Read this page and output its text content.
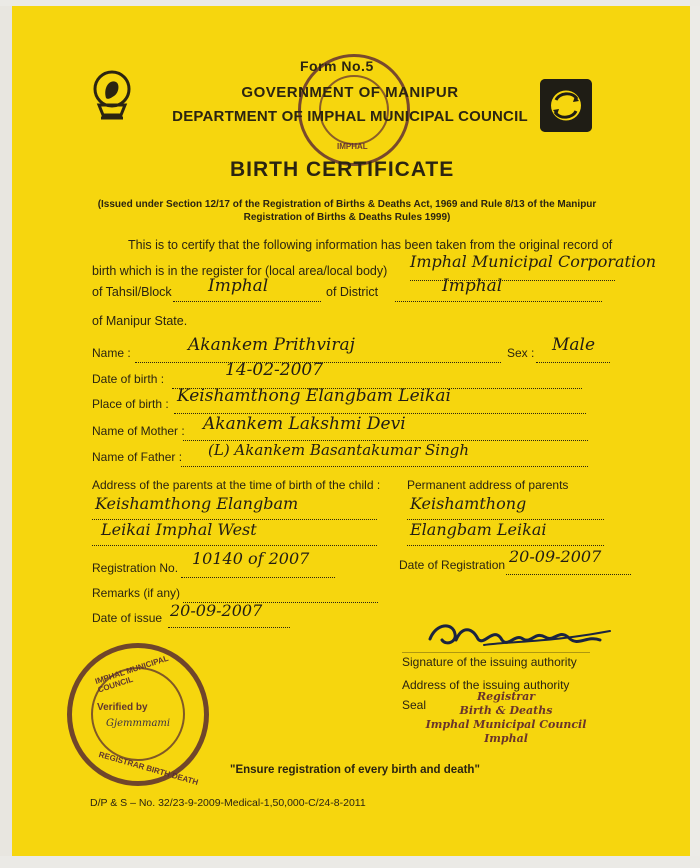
IMPHAL
Form No.5
GOVERNMENT OF MANIPUR
DEPARTMENT OF IMPHAL MUNICIPAL COUNCIL
BIRTH CERTIFICATE
(Issued under Section 12/17 of the Registration of Births & Deaths Act, 1969 and Rule 8/13 of the Manipur Registration of Births & Deaths Rules 1999)
This is to certify that the following information has been taken from the original record of
birth which is in the register for (local area/local body) Imphal Municipal Corporation
of Tahsil/Block Imphal	of District	Imphal
of Manipur State.
Name :	Akankem Prithviraj	Sex : Male
Date of birth :	14-02-2007
Place of birth : Keishamthong Elangbam Leikai
Name of Mother : Akankem Lakshmi Devi
Name of Father : (L) Akankem Basantakumar Singh
Address of the parents at the time of birth of the child : Permanent address of parents
Keishamthong Elangbam
Leikai Imphal West
Keishamthong
Elangbam Leikai
Registration No. 10140 of 2007	Date of Registration 20-09-2007
Remarks (if any)
Date of issue 20-09-2007
Signature of the issuing authority
Address of the issuing authority
Seal
Registrar
Birth & Deaths
Imphal Municipal Council
Imphal
IMPHAL MUNICIPAL COUNCIL
REGISTRAR BIRTH DEATH
Verified by
Gjemmmami
"Ensure registration of every birth and death"
D/P & S – No. 32/23-9-2009-Medical-1,50,000-C/24-8-2011
